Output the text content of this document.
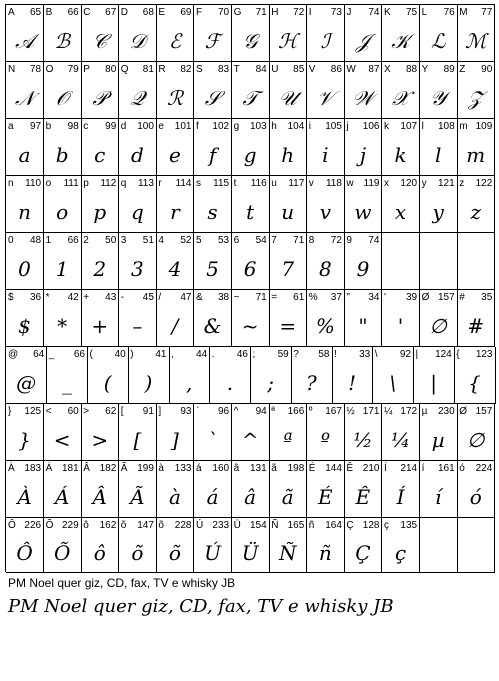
A 65
𝒜
B 66
ℬ
C 67
𝒞
D 68
𝒟
E 69
ℰ
F 70
ℱ
G 71
𝒢
H 72
ℋ
I 73
ℐ
J 74
𝒥
K 75
𝒦
L 76
ℒ
M 77
ℳ
N 78
𝒩
O 79
𝒪
P 80
𝒫
Q 81
𝒬
R 82
ℛ
S 83
𝒮
T 84
𝒯
U 85
𝒰
V 86
𝒱
W 87
𝒲
X 88
𝒳
Y 89
𝒴
Z 90
𝒵
a 97
a
b 98
b
c 99
c
d 100
d
e 101
e
f 102
f
g 103
g
h 104
h
i 105
i
j 106
j
k 107
k
l 108
l
m 109
m
n 110
n
o 111
o
p 112
p
q 113
q
r 114
r
s 115
s
t 116
t
u 117
u
v 118
v
w 119
w
x 120
x
y 121
y
z 122
z
0 48
0
1 66
1
2 50
2
3 51
3
4 52
4
5 53
5
6 54
6
7 71
7
8 72
8
9 74
9
$ 36
$
* 42
*
+ 43
+
- 45
–
/ 47
/
& 38
&
~ 71
~
= 61
=
% 37
%
" 34
"
' 39
'
Ø 157
∅
# 35
#
@ 64
@
_ 66
_
( 40
(
) 41
)
, 44
,
. 46
.
; 59
;
? 58
?
! 33
!
\ 92
\
| 124
|
{ 123
{
} 125
}
< 60
<
> 62
>
[ 91
[
] 93
]
` 96
`
^ 94
^
ª 166
ª
º 167
º
½ 171
½
¼ 172
¼
µ 230
µ
Ø 157
∅
À 183
À
Á 181
Á
Â 182
Â
Ã 199
Ã
à 133
à
á 160
á
â 131
â
ã 198
ã
É 144
É
Ê 210
Ê
Í 214
Í
í 161
í
ó 224
ó
Ô 226
Ô
Õ 229
Õ
ô 162
ô
õ 147
õ
õ 228
õ
Ú 233
Ú
Ü 154
Ü
Ñ 165
Ñ
ñ 164
ñ
Ç 128
Ç
ç 135
ç
PM Noel quer giz, CD, fax, TV e whisky JB
PM Noel quer giz, CD, fax, TV e whisky JB
